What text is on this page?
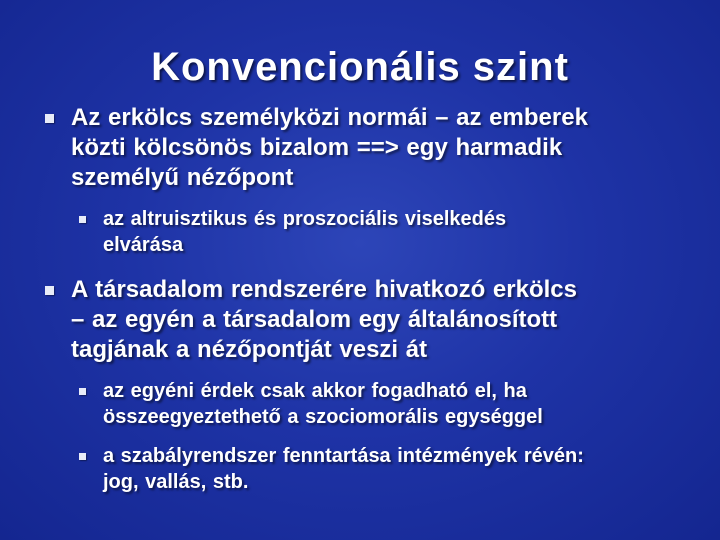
Konvencionális szint
Az erkölcs személyközi normái – az emberek
közti kölcsönös bizalom ==> egy harmadik
személyű nézőpont
az altruisztikus és proszociális viselkedés
elvárása
A társadalom rendszerére hivatkozó erkölcs
– az egyén a társadalom egy általánosított
tagjának a nézőpontját veszi át
az egyéni érdek csak akkor fogadható el, ha
összeegyeztethető a szociomorális egységgel
a szabályrendszer fenntartása intézmények révén:
jog, vallás, stb.
